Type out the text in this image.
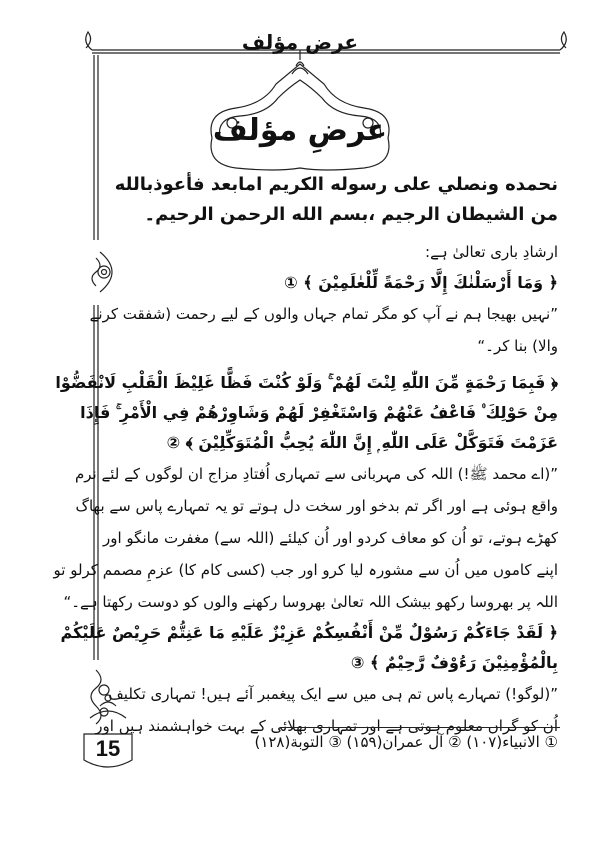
عرض مؤلف
عرضِ مؤلف
نحمده ونصلي على رسوله الكريم امابعد فأعوذبالله
من الشيطان الرجيم ،بسم الله الرحمن الرحيم۔
ارشادِ باری تعالیٰ ہے:
﴿ وَمَا أَرْسَلْنٰكَ إِلَّا رَحْمَةً لِّلْعٰلَمِيْنَ ﴾ ①
”نہیں بھیجا ہم نے آپ کو مگر تمام جہاں والوں کے لیے رحمت (شفقت کرنے
والا) بنا کر۔“
﴿ فَبِمَا رَحْمَةٍ مِّنَ اللّٰهِ لِنْتَ لَهُمْ ۚ وَلَوْ كُنْتَ فَظًّا غَلِيْظَ الْقَلْبِ لَانْفَضُّوْا
مِنْ حَوْلِكَ ۠ فَاعْفُ عَنْهُمْ وَاسْتَغْفِرْ لَهُمْ وَشَاوِرْهُمْ فِي الْأَمْرِ ۚ فَإِذَا
عَزَمْتَ فَتَوَكَّلْ عَلَى اللّٰهِ ۭ إِنَّ اللّٰهَ يُحِبُّ الْمُتَوَكِّلِيْنَ ﴾ ②
”(اے محمد ﷺ!) اللہ کی مہربانی سے تمہاری اُفتادِ مزاج ان لوگوں کے لئے نرم
واقع ہوئی ہے اور اگر تم بدخو اور سخت دل ہوتے تو یہ تمہارے پاس سے بھاگ
کھڑے ہوتے، تو اُن کو معاف کردو اور اُن کیلئے (اللہ سے) مغفرت مانگو اور
اپنے کاموں میں اُن سے مشورہ لیا کرو اور جب (کسی کام کا) عزمِ مصمم کرلو تو
اللہ پر بھروسا رکھو بیشک اللہ تعالیٰ بھروسا رکھنے والوں کو دوست رکھتا ہے۔“
﴿ لَقَدْ جَاءَكُمْ رَسُوْلٌ مِّنْ أَنْفُسِكُمْ عَزِيْزٌ عَلَيْهِ مَا عَنِتُّمْ حَرِيْصٌ عَلَيْكُمْ
بِالْمُؤْمِنِيْنَ رَءُوْفٌ رَّحِيْمٌ ﴾ ③
”(لوگو!) تمہارے پاس تم ہی میں سے ایک پیغمبر آئے ہیں! تمہاری تکلیف
اُن کو گراں معلوم ہوتی ہے اور تمہاری بھلائی کے بہت خواہشمند ہیں اور
① الانبیاء(۱۰۷) ② آل عمران(۱۵۹) ③ التوبة(۱۲۸)
15
